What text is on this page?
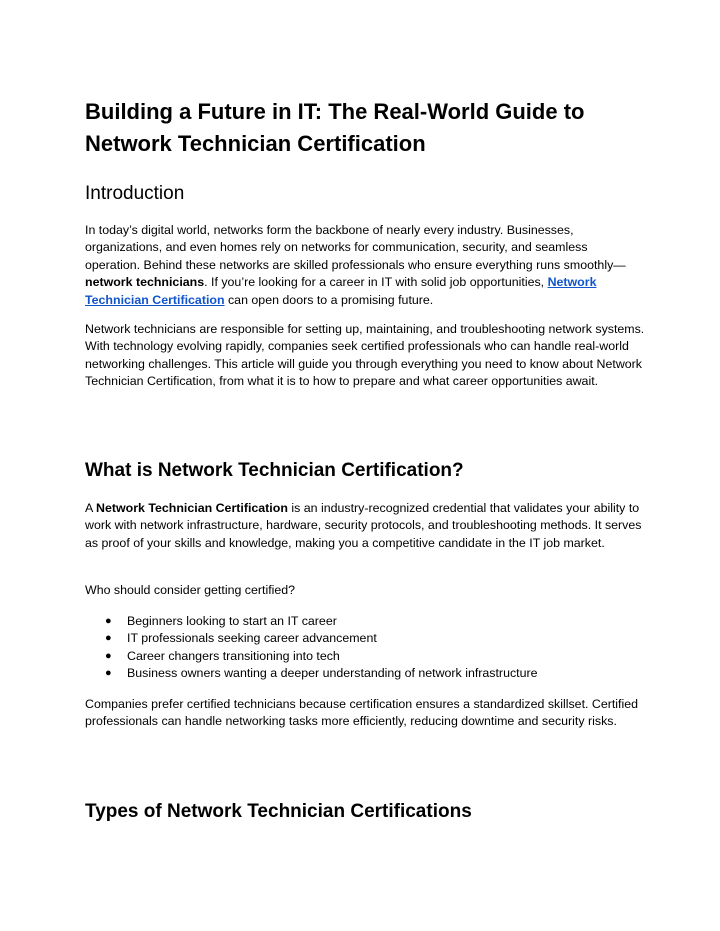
Building a Future in IT: The Real-World Guide to Network Technician Certification
Introduction

In today’s digital world, networks form the backbone of nearly every industry. Businesses, organizations, and even homes rely on networks for communication, security, and seamless operation. Behind these networks are skilled professionals who ensure everything runs smoothly—network technicians. If you’re looking for a career in IT with solid job opportunities, Network Technician Certification can open doors to a promising future.

Network technicians are responsible for setting up, maintaining, and troubleshooting network systems. With technology evolving rapidly, companies seek certified professionals who can handle real-world networking challenges. This article will guide you through everything you need to know about Network Technician Certification, from what it is to how to prepare and what career opportunities await.

What is Network Technician Certification?

A Network Technician Certification is an industry-recognized credential that validates your ability to work with network infrastructure, hardware, security protocols, and troubleshooting methods. It serves as proof of your skills and knowledge, making you a competitive candidate in the IT job market.

Who should consider getting certified?

● Beginners looking to start an IT career
● IT professionals seeking career advancement
● Career changers transitioning into tech
● Business owners wanting a deeper understanding of network infrastructure

Companies prefer certified technicians because certification ensures a standardized skillset. Certified professionals can handle networking tasks more efficiently, reducing downtime and security risks.

Types of Network Technician Certifications
